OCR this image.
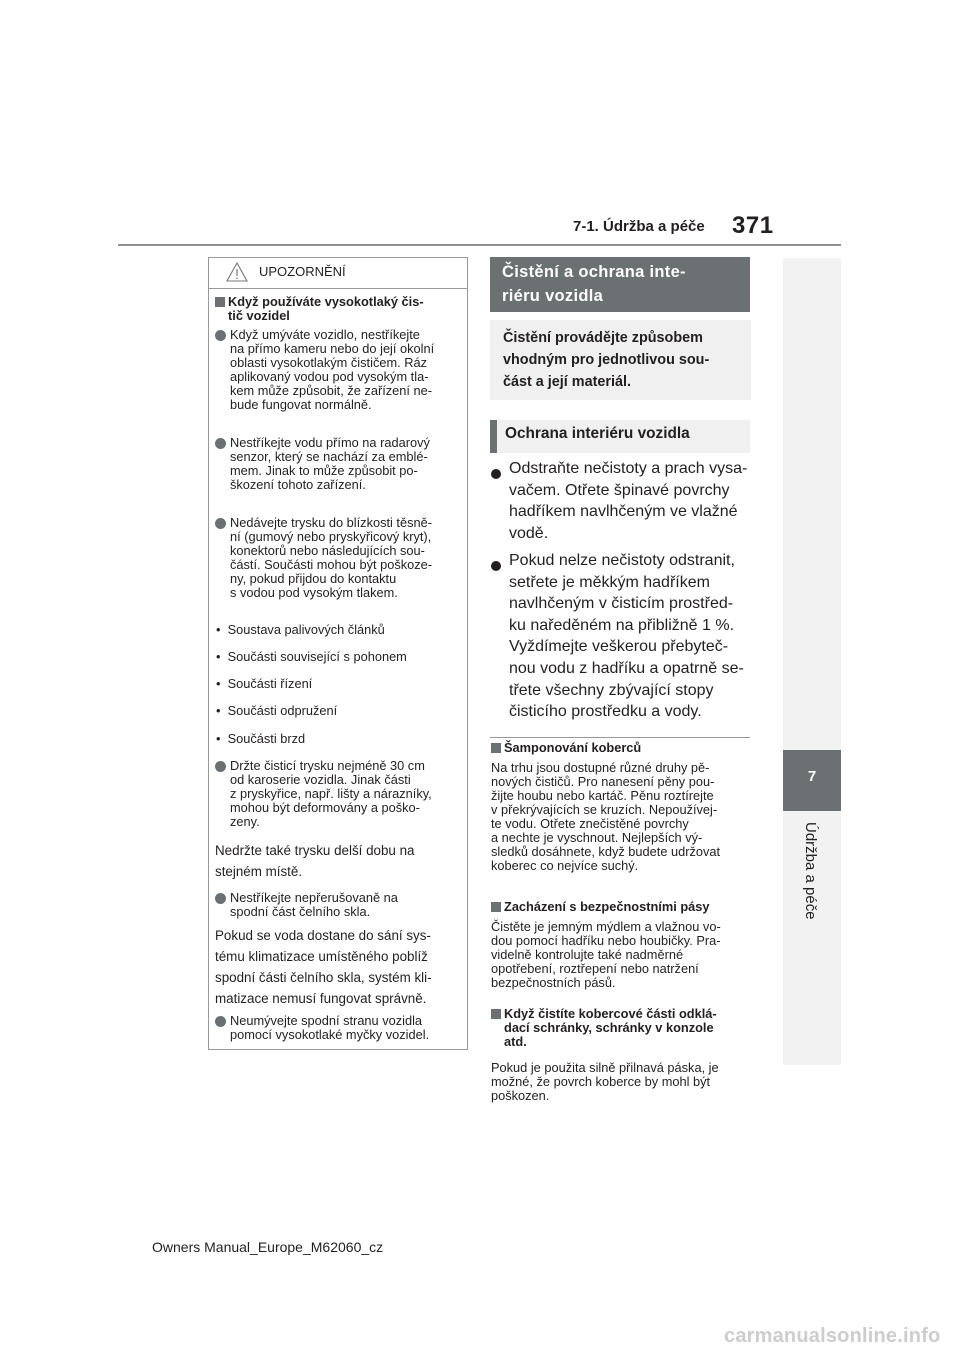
7-1. Údržba a péče 371
7
Údržba a péče
UPOZORNĚNÍ
Když používáte vysokotlaký čis-
tič vozidel
Když umýváte vozidlo, nestříkejte
na přímo kameru nebo do její okolní
oblasti vysokotlakým čističem. Ráz
aplikovaný vodou pod vysokým tla-
kem může způsobit, že zařízení ne-
bude fungovat normálně.
Nestříkejte vodu přímo na radarový
senzor, který se nachází za emblé-
mem. Jinak to může způsobit po-
škození tohoto zařízení.
Nedávejte trysku do blízkosti těsně-
ní (gumový nebo pryskyřicový kryt),
konektorů nebo následujících sou-
částí. Součásti mohou být poškoze-
ny, pokud přijdou do kontaktu
s vodou pod vysokým tlakem.
•  Soustava palivových článků
•  Součásti související s pohonem
•  Součásti řízení
•  Součásti odpružení
•  Součásti brzd
Držte čisticí trysku nejméně 30 cm
od karoserie vozidla. Jinak části
z pryskyřice, např. lišty a nárazníky,
mohou být deformovány a poško-
zeny.
Nedržte také trysku delší dobu na
stejném místě.
Nestříkejte nepřerušovaně na
spodní část čelního skla.
Pokud se voda dostane do sání sys-
tému klimatizace umístěného poblíž
spodní části čelního skla, systém kli-
matizace nemusí fungovat správně.
Neumývejte spodní stranu vozidla
pomocí vysokotlaké myčky vozidel.
Čistění a ochrana inte-
riéru vozidla
Čistění provádějte způsobem
vhodným pro jednotlivou sou-
část a její materiál.
Ochrana interiéru vozidla
Odstraňte nečistoty a prach vysa-
vačem. Otřete špinavé povrchy
hadříkem navlhčeným ve vlažné
vodě.
Pokud nelze nečistoty odstranit,
setřete je měkkým hadříkem
navlhčeným v čisticím prostřed-
ku naředěném na přibližně 1 %.
Vyždímejte veškerou přebyteč-
nou vodu z hadříku a opatrně se-
třete všechny zbývající stopy
čisticího prostředku a vody.
Šamponování koberců
Na trhu jsou dostupné různé druhy pě-
nových čističů. Pro nanesení pěny pou-
žijte houbu nebo kartáč. Pěnu roztírejte
v překrývajících se kruzích. Nepoužívej-
te vodu. Otřete znečistěné povrchy
a nechte je vyschnout. Nejlepších vý-
sledků dosáhnete, když budete udržovat
koberec co nejvíce suchý.
Zacházení s bezpečnostními pásy
Čistěte je jemným mýdlem a vlažnou vo-
dou pomocí hadříku nebo houbičky. Pra-
videlně kontrolujte také nadměrné
opotřebení, roztřepení nebo natržení
bezpečnostních pásů.
Když čistíte kobercové části odklá-
dací schránky, schránky v konzole
atd.
Pokud je použita silně přilnavá páska, je
možné, že povrch koberce by mohl být
poškozen.
Owners Manual_Europe_M62060_cz
carmanualsonline.info
